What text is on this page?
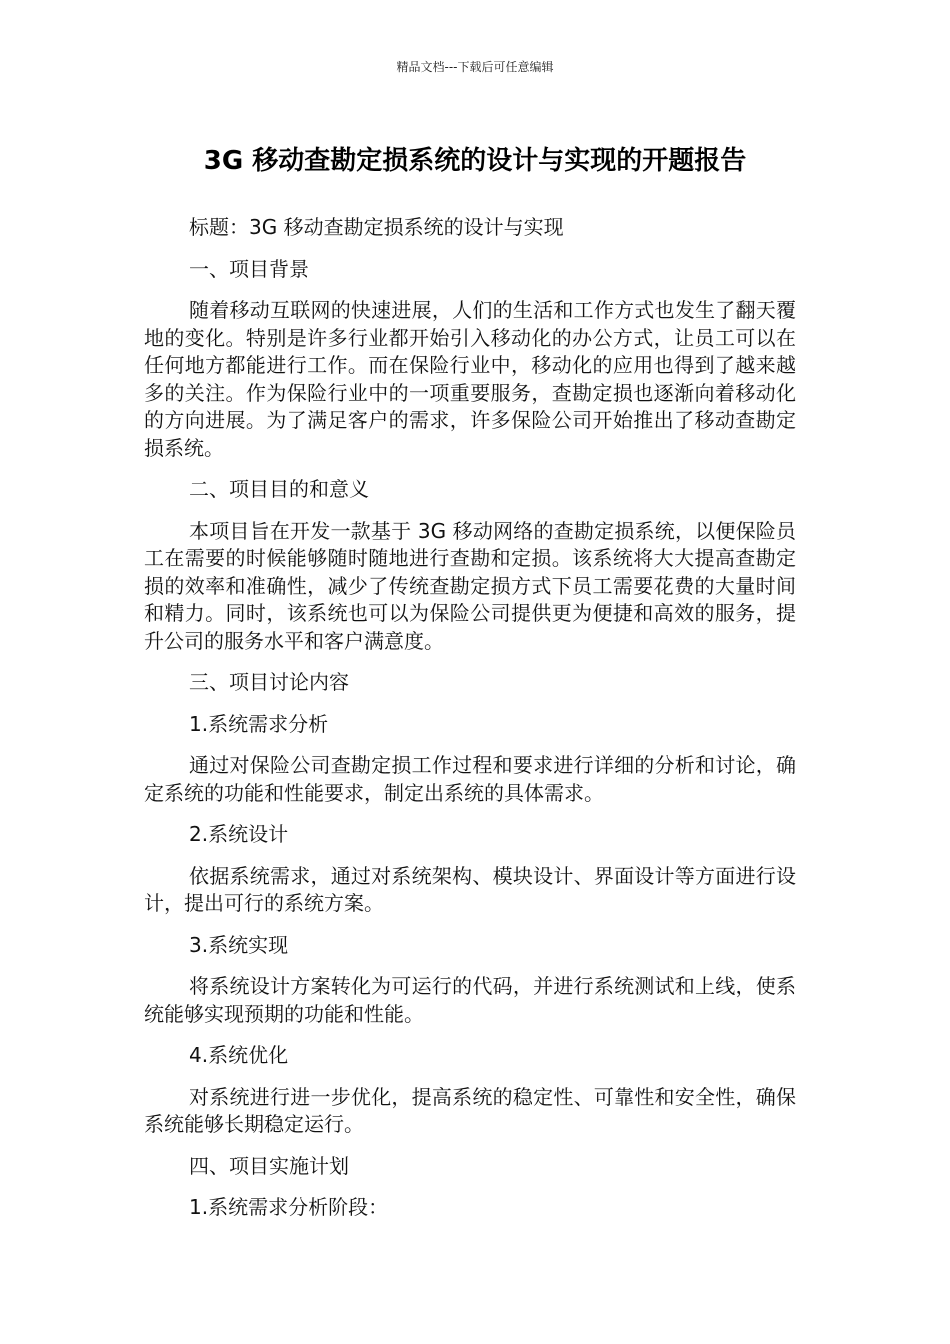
精品文档---下载后可任意编辑
3G 移动查勘定损系统的设计与实现的开题报告

标题：3G 移动查勘定损系统的设计与实现

一、项目背景

随着移动互联网的快速进展，人们的生活和工作方式也发生了翻天覆地的变化。特别是许多行业都开始引入移动化的办公方式，让员工可以在任何地方都能进行工作。而在保险行业中，移动化的应用也得到了越来越多的关注。作为保险行业中的一项重要服务，查勘定损也逐渐向着移动化的方向进展。为了满足客户的需求，许多保险公司开始推出了移动查勘定损系统。

二、项目目的和意义

本项目旨在开发一款基于 3G 移动网络的查勘定损系统，以便保险员工在需要的时候能够随时随地进行查勘和定损。该系统将大大提高查勘定损的效率和准确性，减少了传统查勘定损方式下员工需要花费的大量时间和精力。同时，该系统也可以为保险公司提供更为便捷和高效的服务，提升公司的服务水平和客户满意度。

三、项目讨论内容

1.系统需求分析

通过对保险公司查勘定损工作过程和要求进行详细的分析和讨论，确定系统的功能和性能要求，制定出系统的具体需求。

2.系统设计

依据系统需求，通过对系统架构、模块设计、界面设计等方面进行设计，提出可行的系统方案。

3.系统实现

将系统设计方案转化为可运行的代码，并进行系统测试和上线，使系统能够实现预期的功能和性能。

4.系统优化

对系统进行进一步优化，提高系统的稳定性、可靠性和安全性，确保系统能够长期稳定运行。

四、项目实施计划

1.系统需求分析阶段：
